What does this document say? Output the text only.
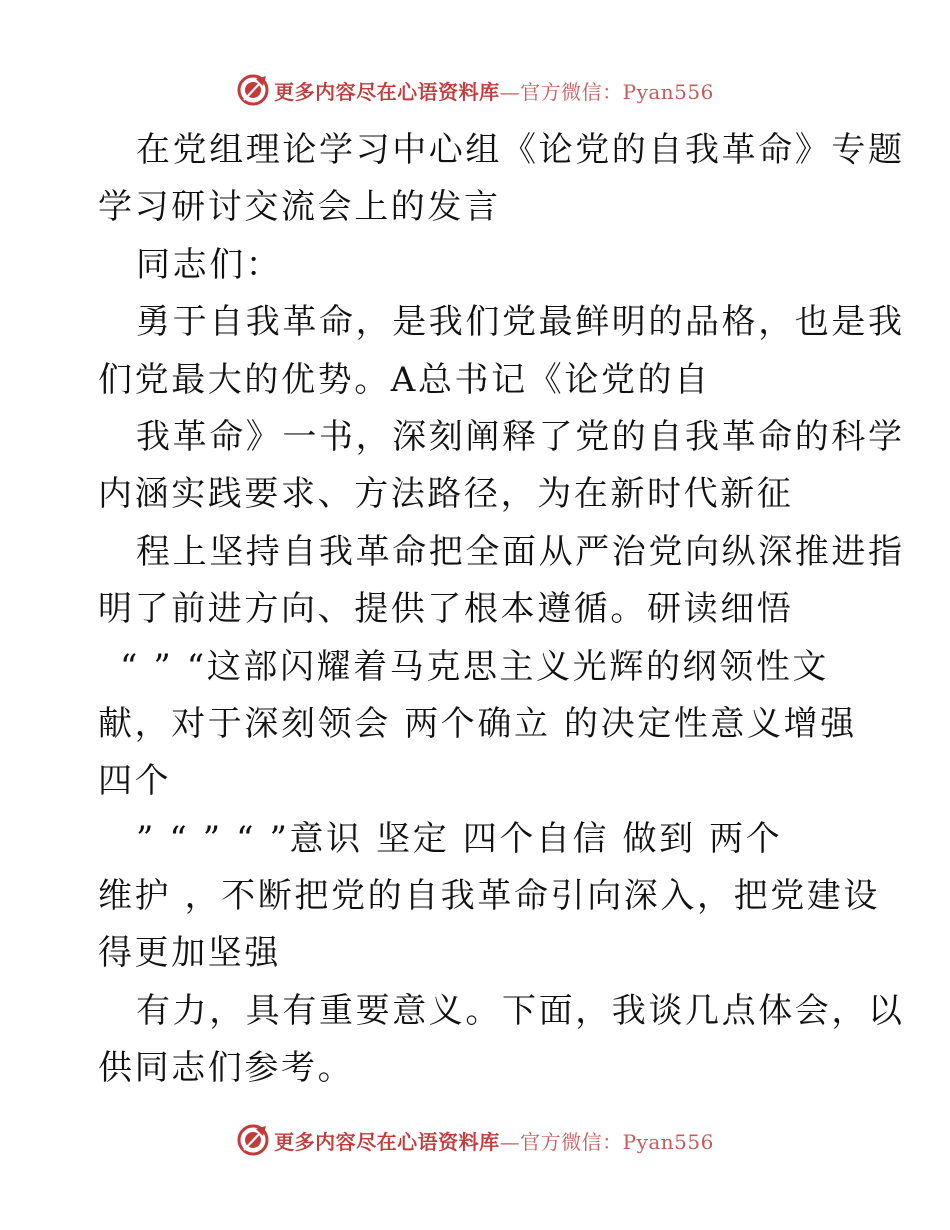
更多内容尽在心语资料库—官方微信：Pyan556
在党组理论学习中心组《论党的自我革命》专题
学习研讨交流会上的发言
同志们：
勇于自我革命，是我们党最鲜明的品格，也是我
们党最大的优势。A总书记《论党的自
我革命》一书，深刻阐释了党的自我革命的科学
内涵实践要求、方法路径，为在新时代新征
程上坚持自我革命把全面从严治党向纵深推进指
明了前进方向、提供了根本遵循。研读细悟
“ ” “这部闪耀着马克思主义光辉的纲领性文
献，对于深刻领会 两个确立 的决定性意义增强
四个
” “ ” “ ”意识 坚定 四个自信 做到 两个
维护 ，不断把党的自我革命引向深入，把党建设
得更加坚强
有力，具有重要意义。下面，我谈几点体会，以
供同志们参考。
更多内容尽在心语资料库—官方微信：Pyan556
